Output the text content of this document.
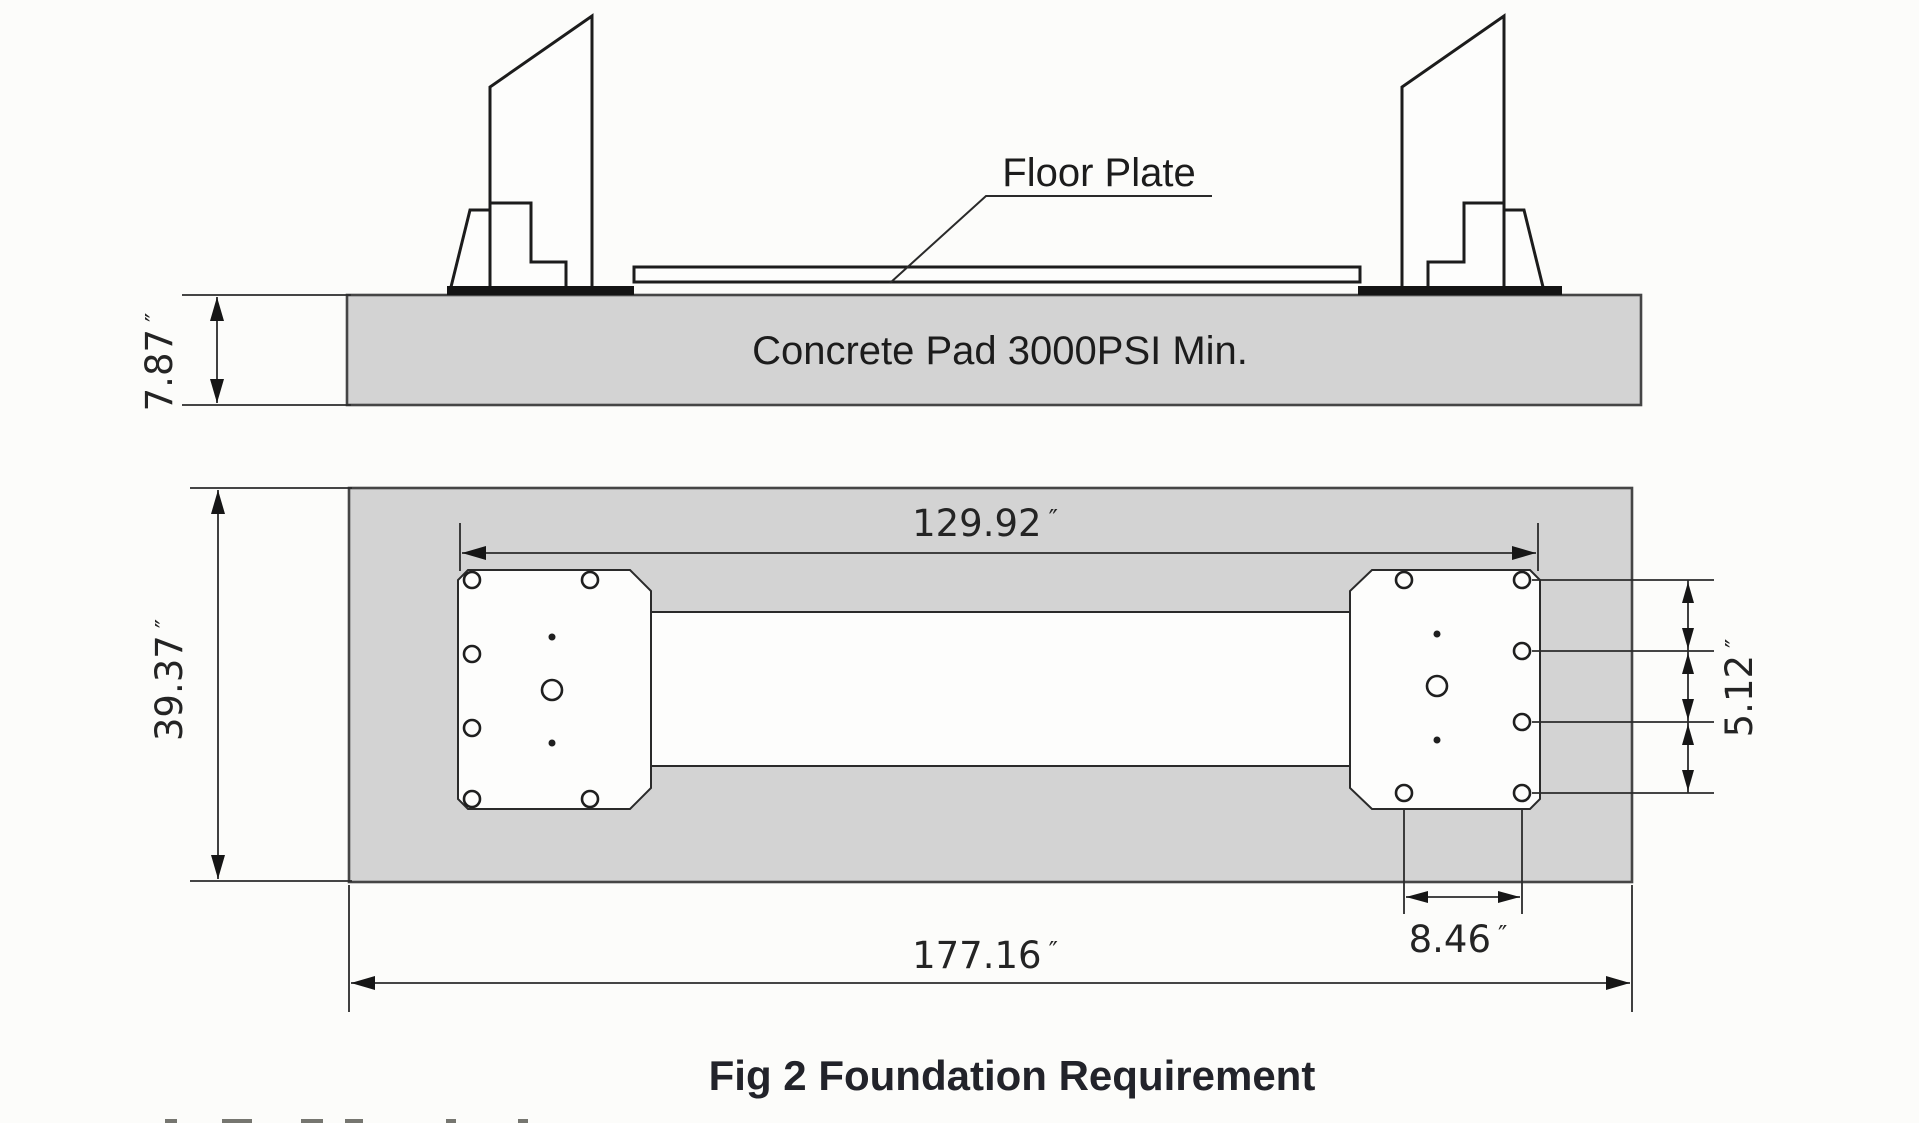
Concrete Pad 3000PSI Min.
Floor Plate
7.87″
129.92 ″
39.37″
5.12″
8.46 ″
177.16 ″
Fig 2 Foundation Requirement
